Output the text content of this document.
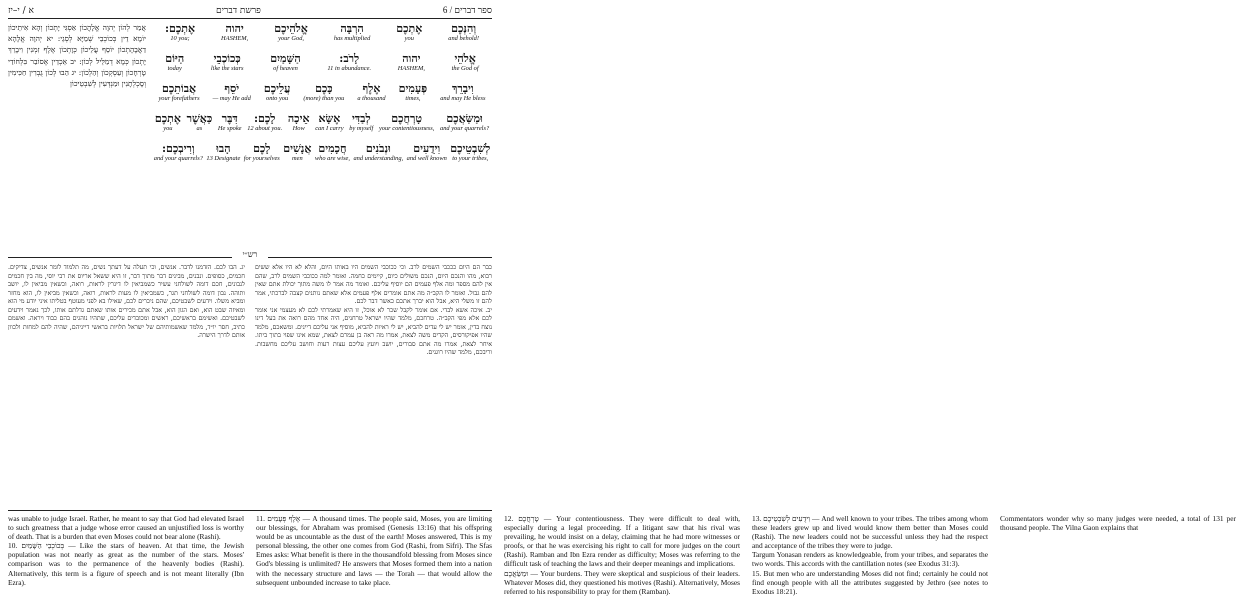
ספר דברים / 6
פרשת דברים
א / י–יז
אֲמַר לְהוֹן יְהוָה אֱלָהֲכוֹן אַסְגִּי יָתְכוֹן וְהָא אִיתֵיכוֹן יוֹמָא דֵין כְּכוֹכְבֵי שְׁמַיָּא לְסְגֵי: יא יְהוָה אֱלָהָא דַאֲבָהָתְכוֹן יוֹסֵף עֲלֵיכוֹן כְּוָתְכוֹן אֶלֶף זִמְנִין וִיבָרֵךְ יָתְכוֹן כְּמָא דְמַלֵּיל לְכוֹן: יב אֵכְדֵין אֶסוֹבַר בִּלְחוֹדַי טָרְחָכוֹן וְעַסְקְכוֹן וְהַלְכוֹן: יג הַבוּ לְכוֹן גֻבְרִין חַכִּימִין וְסָכְלְתָנִין וּמַנְדְּעִין לְשִׁבְטֵיכוֹן
וְהִנְּכֶם
and behold!
אֶתְכֶם
you
הִרְבָּה
has multiplied
אֱלֹהֵיכֶם
your God,
יהוה
HASHEM,
אֶתְכֶם:
10 you;
אֱלֹהֵי
the God of
יהוה
HASHEM,
לָרֹב:
11 in abundance.
הַשָּׁמַיִם
of heaven
כְּכוֹכְבֵי
like the stars
הַיּוֹם
today
וִיבָרֵךְ
and may He bless
פְּעָמִים
times,
אֶלֶף
a thousand
כָּכֶם
(more) than you
עֲלֵיכֶם
onto you
יֹסֵף
— may He add
אֲבוֹתֵכֶם
your forefathers
וּמַשַּׂאֲכֶם
and your quarrels?
טָרְחֲכֶם
your contentiousness,
לְבַדִּי
by myself
אֶשָּׂא
can I carry
אֵיכָה
How
לָכֶם:
12 about you.
דִּבֶּר
He spoke
כַּאֲשֶׁר
as
אֶתְכֶם
you
לְשִׁבְטֵיכֶם
to your tribes,
וִידֻעִים
and well known
וּנְבֹנִים
and understanding,
חֲכָמִים
who are wise,
אֲנָשִׁים
men
לָכֶם
for yourselves
הָבוּ
13 Designate
וְרִיבְכֶם:
and your quarrels?
רש״י

כבר הם היום כככבי השמים לרב. וכי ככוכבי השמים היו באותו היום, והלא לא היו אלא ששים רבוא, מהו והנכם היום, הנכם משולים כיום, קיימים כחמה. ואומר למה ככוכבי השמים לרב, שהם אין להם מספר ומה אלף פעמים הם יוסיף עליכם. ואומר מה אמר לו משה מתוך יכולת אתם שאין להם גבול. ואומר לו הקב״ה מה אתם אומרים אלף פעמים אלא שאתם נותנים קצבה לברכתי, אמר להם זו משלי היא, אבל הוא יברך אתכם כאשר דבר לכם.

יב. איכה אשא לבדי. אם אומר לקבל שכר לא אוכל, זו היא שאמרתי לכם לא מעצמי אני אומר לכם אלא מפי הקב״ה. טרחכם, מלמד שהיו ישראל טרחנים, היה אחד מהם רואה את בעל דינו נוצח בדין, אומר יש לי עדים להביא, יש לי ראיות להביא, מוסיף אני עליכם דיינים. ומשאכם, מלמד שהיו אפיקורסים, הקדים משה לצאת, אמרו מה ראה בן עמרם לצאת, שמא אינו שפוי בתוך ביתו. איחר לצאת, אמרו מה אתם סבורים, יושב ויועץ עליכם עצות רעות וחושב עליכם מחשבות. וריבכם, מלמד שהיו רוגנים.

יג. הבו לכם. הזדמנו לדבר. אנשים, וכי תעלה על דעתך נשים, מה תלמוד לומר אנשים, צדיקים. חכמים, כסופים. ונבנים, מבינים דבר מתוך דבר, זו היא ששאל אריוס את רבי יוסי, מה בין חכמים לנבונים, חכם דומה לשולחני עשיר כשמביאין לו דינרין לראות, רואה, וכשאין מביאין לו, יושב ותוהה. נבון דומה לשולחני תגר, כשמביאין לו מעות לראות, רואה, וכשאין מביאין לו, הוא מחזר ומביא משלו. וידעים לשבטיכם, שהם ניכרים לכם, שאילו בא לפני מעוטף בטליתו איני יודע מי הוא ומאיזה שבט הוא, ואם הגון הוא, אבל אתם מכירים אותו שאתם גדלתם אותו, לכך נאמר וידעים לשבטיכם. ואשימם בראשיכם, ראשים ומכובדים עליכם, שתהיו נוהגים בהם כבוד ויראה. ואשמם כתיב, חסר יו״ד, מלמד שאשמותיהם של ישראל תלויות בראשי דייניהם, שהיה להם למחות ולכוון אותם לדרך הישרה.

was unable to judge Israel. Rather, he meant to say that God had elevated Israel to such greatness that a judge whose error caused an unjustified loss is worthy of death. That is a burden that even Moses could not bear alone (Rashi).

10. בְּכוֹכְבֵי הַשָּׁמַיִם — Like the stars of heaven. At that time, the Jewish population was not nearly as great as the number of the stars. Moses' comparison was to the permanence of the heavenly bodies (Rashi). Alternatively, this term is a figure of speech and is not meant literally (Ibn Ezra).

11. אֶלֶף פְּעָמִים — A thousand times. The people said, Moses, you are limiting our blessings, for Abraham was promised (Genesis 13:16) that his offspring would be as uncountable as the dust of the earth! Moses answered, This is my personal blessing, the other one comes from God (Rashi, from Sifri). The Sfas Emes asks: What benefit is there in the thousandfold blessing from Moses since God's blessing is unlimited? He answers that Moses formed them into a nation with the necessary structure and laws — the Torah — that would allow the subsequent unbounded increase to take place.

12. טָרְחֲכֶם — Your contentiousness. They were difficult to deal with, especially during a legal proceeding. If a litigant saw that his rival was prevailing, he would insist on a delay, claiming that he had more witnesses or proofs, or that he was exercising his right to call for more judges on the court (Rashi). Ramban and Ibn Ezra render as difficulty; Moses was referring to the difficult task of teaching the laws and their deeper meanings and implications.

וּמַשַּׂאֲכֶם — Your burdens. They were skeptical and suspicious of their leaders. Whatever Moses did, they questioned his motives (Rashi). Alternatively, Moses referred to his responsibility to pray for them (Ramban).

13. וִידֻעִים לְשִׁבְטֵיכֶם — And well known to your tribes. The tribes among whom these leaders grew up and lived would know them better than Moses could (Rashi). The new leaders could not be successful unless they had the respect and acceptance of the tribes they were to judge.

Targum Yonasan renders as knowledgeable, from your tribes, and separates the two words. This accords with the cantillation notes (see Exodus 31:3).

15. But men who are understanding Moses did not find; certainly he could not find enough people with all the attributes suggested by Jethro (see notes to Exodus 18:21).

Commentators wonder why so many judges were needed, a total of 131 per thousand people. The Vilna Gaon explains that
